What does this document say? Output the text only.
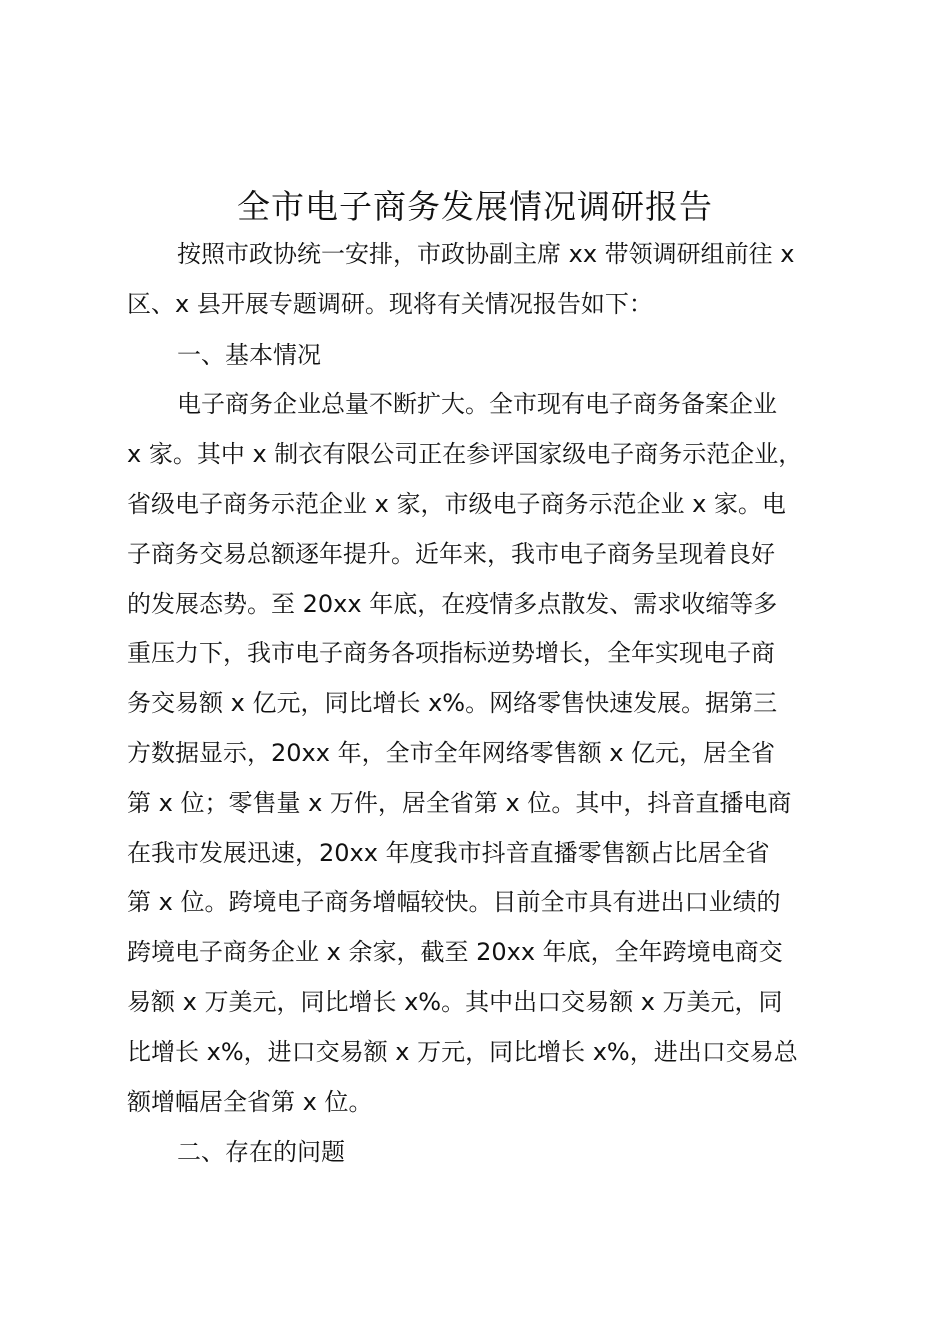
全市电子商务发展情况调研报告
按照市政协统一安排，市政协副主席 xx 带领调研组前往 x
区、x 县开展专题调研。现将有关情况报告如下：
一、基本情况
电子商务企业总量不断扩大。全市现有电子商务备案企业
x 家。其中 x 制衣有限公司正在参评国家级电子商务示范企业，
省级电子商务示范企业 x 家，市级电子商务示范企业 x 家。电
子商务交易总额逐年提升。近年来，我市电子商务呈现着良好
的发展态势。至 20xx 年底，在疫情多点散发、需求收缩等多
重压力下，我市电子商务各项指标逆势增长，全年实现电子商
务交易额 x 亿元，同比增长 x%。网络零售快速发展。据第三
方数据显示，20xx 年，全市全年网络零售额 x 亿元，居全省
第 x 位；零售量 x 万件，居全省第 x 位。其中，抖音直播电商
在我市发展迅速，20xx 年度我市抖音直播零售额占比居全省
第 x 位。跨境电子商务增幅较快。目前全市具有进出口业绩的
跨境电子商务企业 x 余家，截至 20xx 年底，全年跨境电商交
易额 x 万美元，同比增长 x%。其中出口交易额 x 万美元，同
比增长 x%，进口交易额 x 万元，同比增长 x%，进出口交易总
额增幅居全省第 x 位。
二、存在的问题
